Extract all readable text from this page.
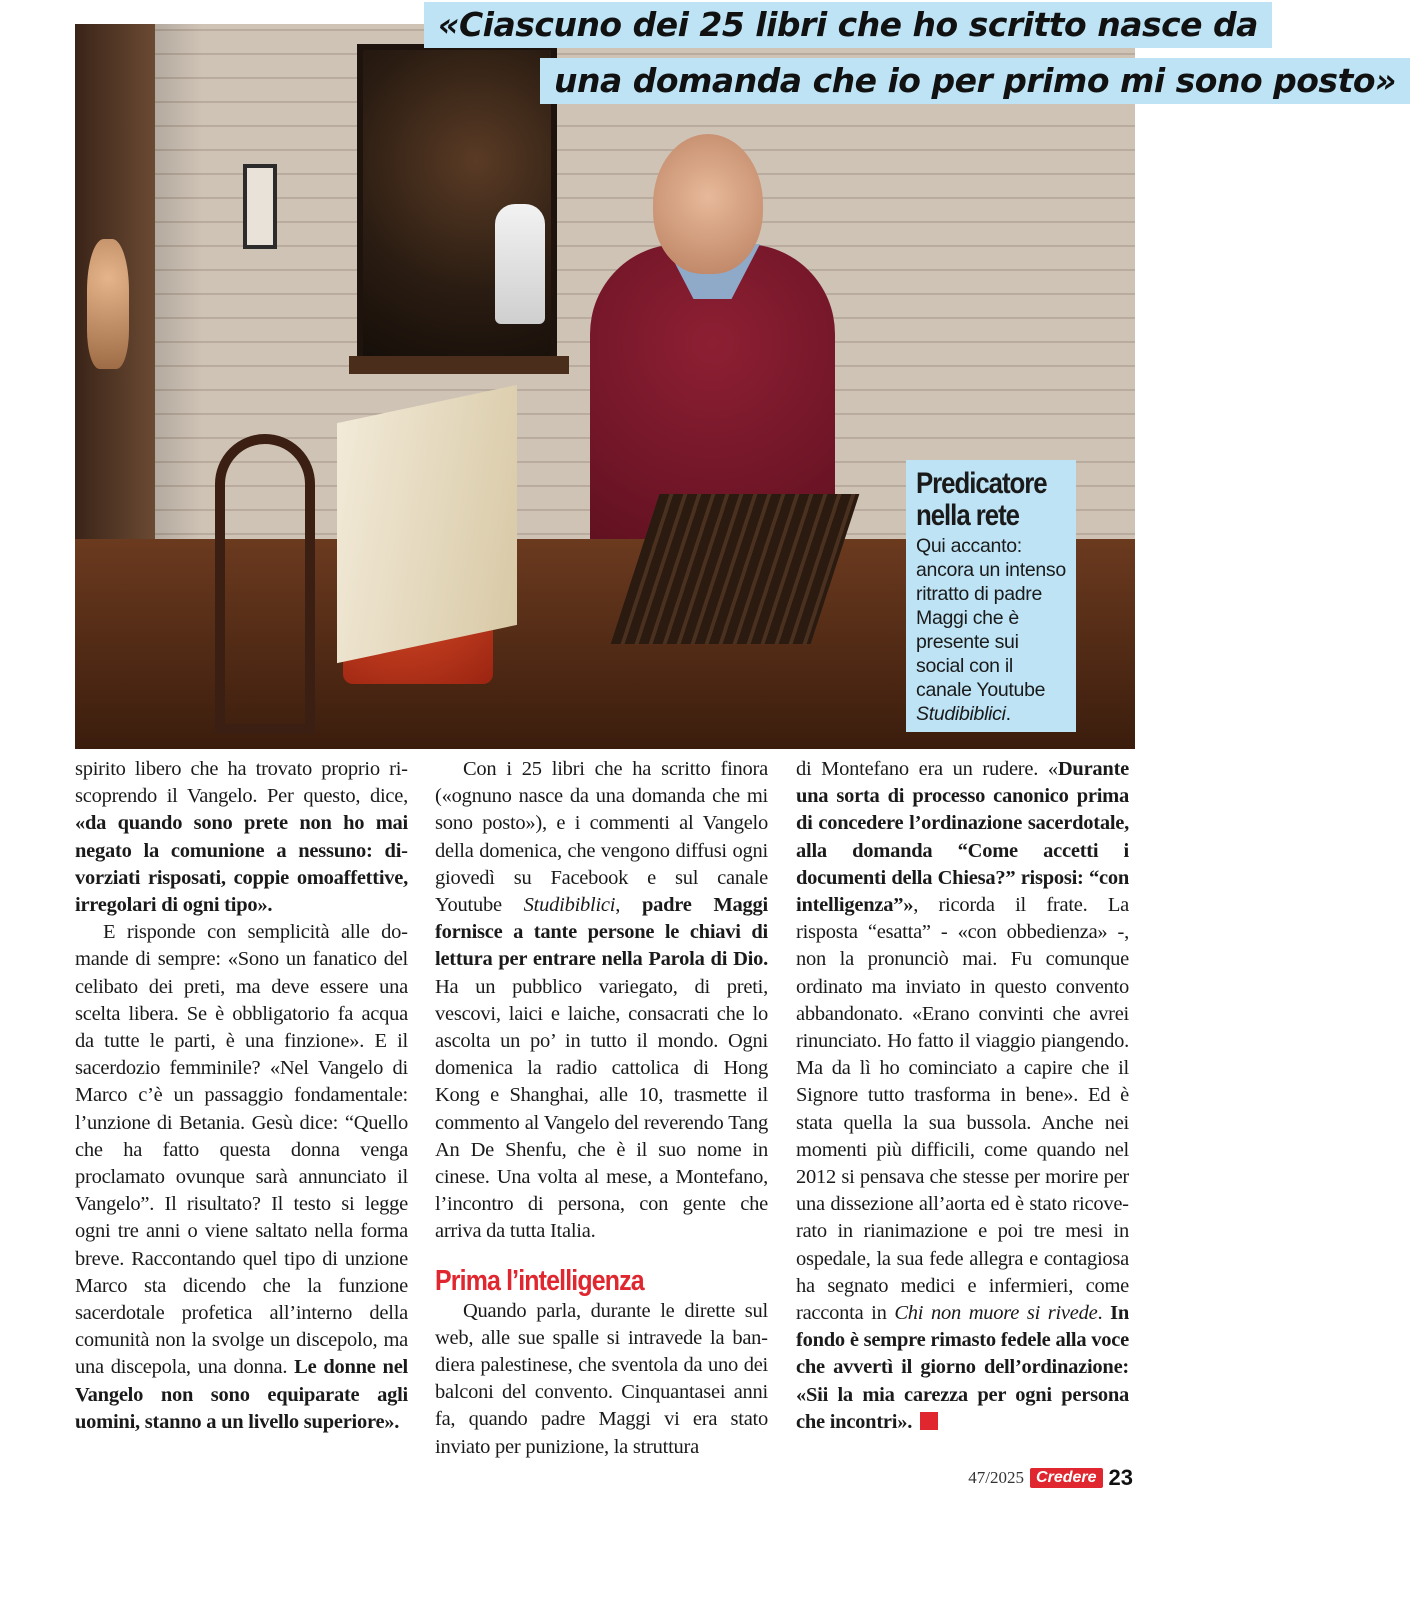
«Ciascuno dei 25 libri che ho scritto nasce da
una domanda che io per primo mi sono posto»
Predicatore
nella rete
Qui accanto: ancora un intenso ritratto di padre Maggi che è presente sui social con il canale Youtube Studibiblici.

spirito libero che ha trovato proprio riscoprendo il Vangelo. Per questo, dice, «da quando sono prete non ho mai negato la comunione a nessuno: divorziati risposati, coppie omoaffettive, irregolari di ogni tipo».

E risponde con semplicità alle domande di sempre: «Sono un fanatico del celibato dei preti, ma deve essere una scelta libera. Se è obbligatorio fa acqua da tutte le parti, è una finzione». E il sacerdozio femminile? «Nel Vangelo di Marco c’è un passaggio fondamentale: l’unzione di Betania. Gesù dice: “Quello che ha fatto questa donna venga proclamato ovunque sarà annunciato il Vangelo”. Il risultato? Il testo si legge ogni tre anni o viene saltato nella forma breve. Raccontando quel tipo di unzione Marco sta dicendo che la funzione sacerdotale profetica all’interno della comunità non la svolge un discepolo, ma una discepola, una donna. Le donne nel Vangelo non sono equiparate agli uomini, stanno a un livello superiore».

Con i 25 libri che ha scritto finora («ognuno nasce da una domanda che mi sono posto»), e i commenti al Vangelo della domenica, che vengono diffusi ogni giovedì su Facebook e sul canale Youtube Studibiblici, padre Maggi fornisce a tante persone le chiavi di lettura per entrare nella Parola di Dio. Ha un pubblico variegato, di preti, vescovi, laici e laiche, consacrati che lo ascolta un po’ in tutto il mondo. Ogni domenica la radio cattolica di Hong Kong e Shanghai, alle 10, trasmette il commento al Vangelo del reverendo Tang An De Shenfu, che è il suo nome in cinese. Una volta al mese, a Montefano, l’incontro di persona, con gente che arriva da tutta Italia.

Prima l’intelligenza

Quando parla, durante le dirette sul web, alle sue spalle si intravede la bandiera palestinese, che sventola da uno dei balconi del convento. Cinquantasei anni fa, quando padre Maggi vi era stato inviato per punizione, la struttura

di Montefano era un rudere. «Durante una sorta di processo canonico prima di concedere l’ordinazione sacerdotale, alla domanda “Come accetti i documenti della Chiesa?” risposi: “con intelligenza”», ricorda il frate. La risposta “esatta” - «con obbedienza» -, non la pronunciò mai. Fu comunque ordinato ma inviato in questo convento abbandonato. «Erano convinti che avrei rinunciato. Ho fatto il viaggio piangendo. Ma da lì ho cominciato a capire che il Signore tutto trasforma in bene». Ed è stata quella la sua bussola. Anche nei momenti più difficili, come quando nel 2012 si pensava che stesse per morire per una dissezione all’aorta ed è stato ricoverato in rianimazione e poi tre mesi in ospedale, la sua fede allegra e contagiosa ha segnato medici e infermieri, come racconta in Chi non muore si rivede. In fondo è sempre rimasto fedele alla voce che avvertì il giorno dell’ordinazione: «Sii la mia carezza per ogni persona che incontri».

47/2025 Credere 23
